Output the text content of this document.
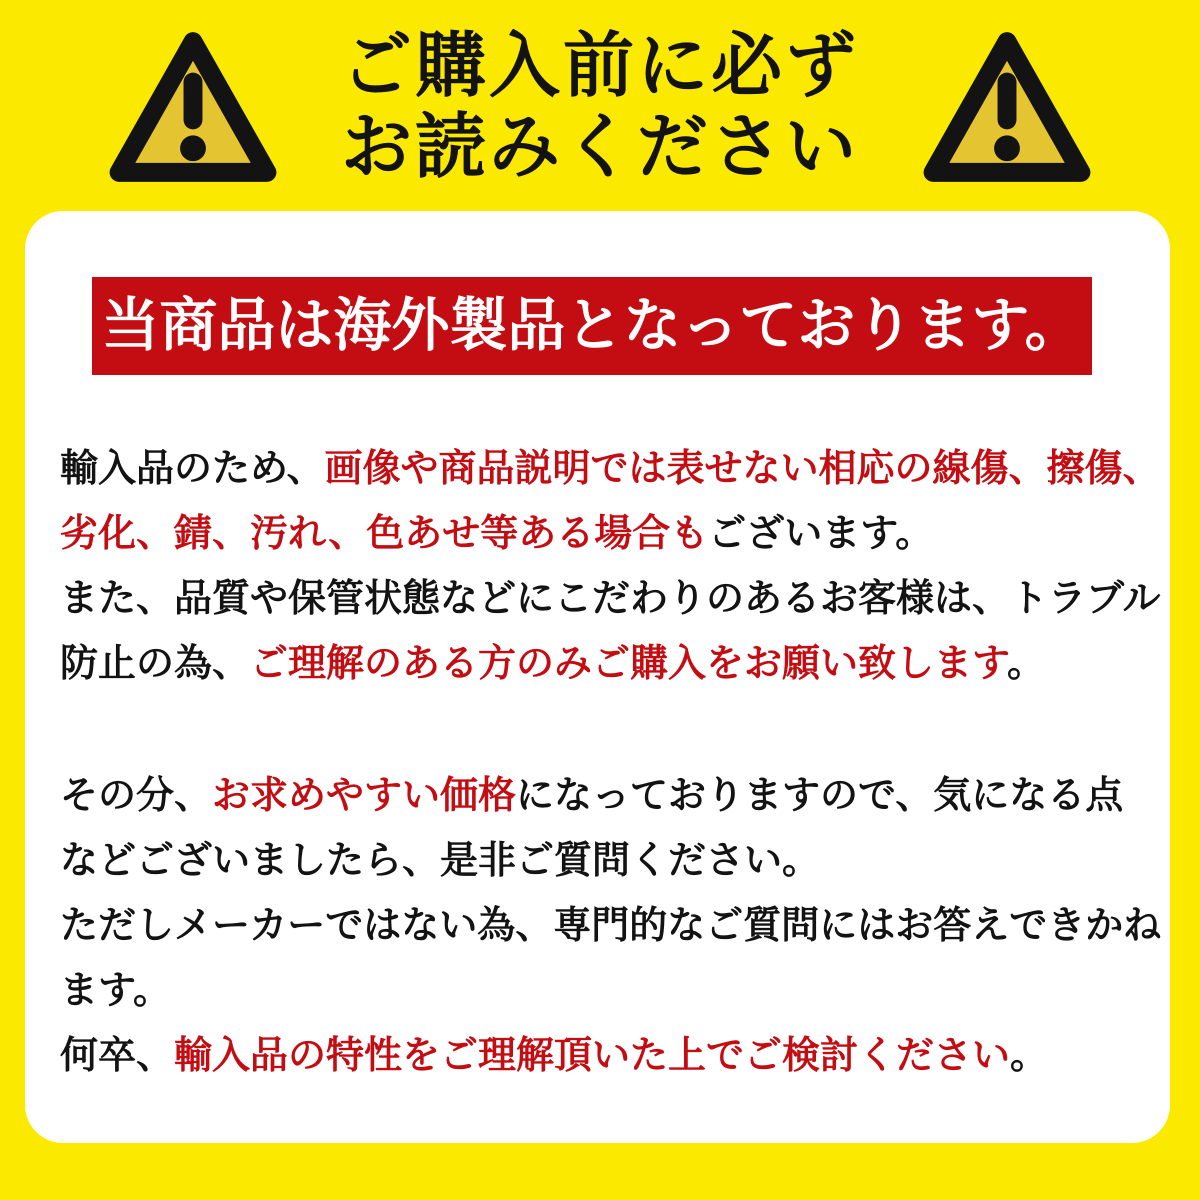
ご購入前に必ず
お読みください
当商品は海外製品となっております。
輸入品のため、画像や商品説明では表せない相応の線傷、擦傷、
劣化、錆、汚れ、色あせ等ある場合もございます。
また、品質や保管状態などにこだわりのあるお客様は、トラブル
防止の為、ご理解のある方のみご購入をお願い致します。
その分、お求めやすい価格になっておりますので、気になる点
などございましたら、是非ご質問ください。
ただしメーカーではない為、専門的なご質問にはお答えできかね
ます。
何卒、輸入品の特性をご理解頂いた上でご検討ください。
